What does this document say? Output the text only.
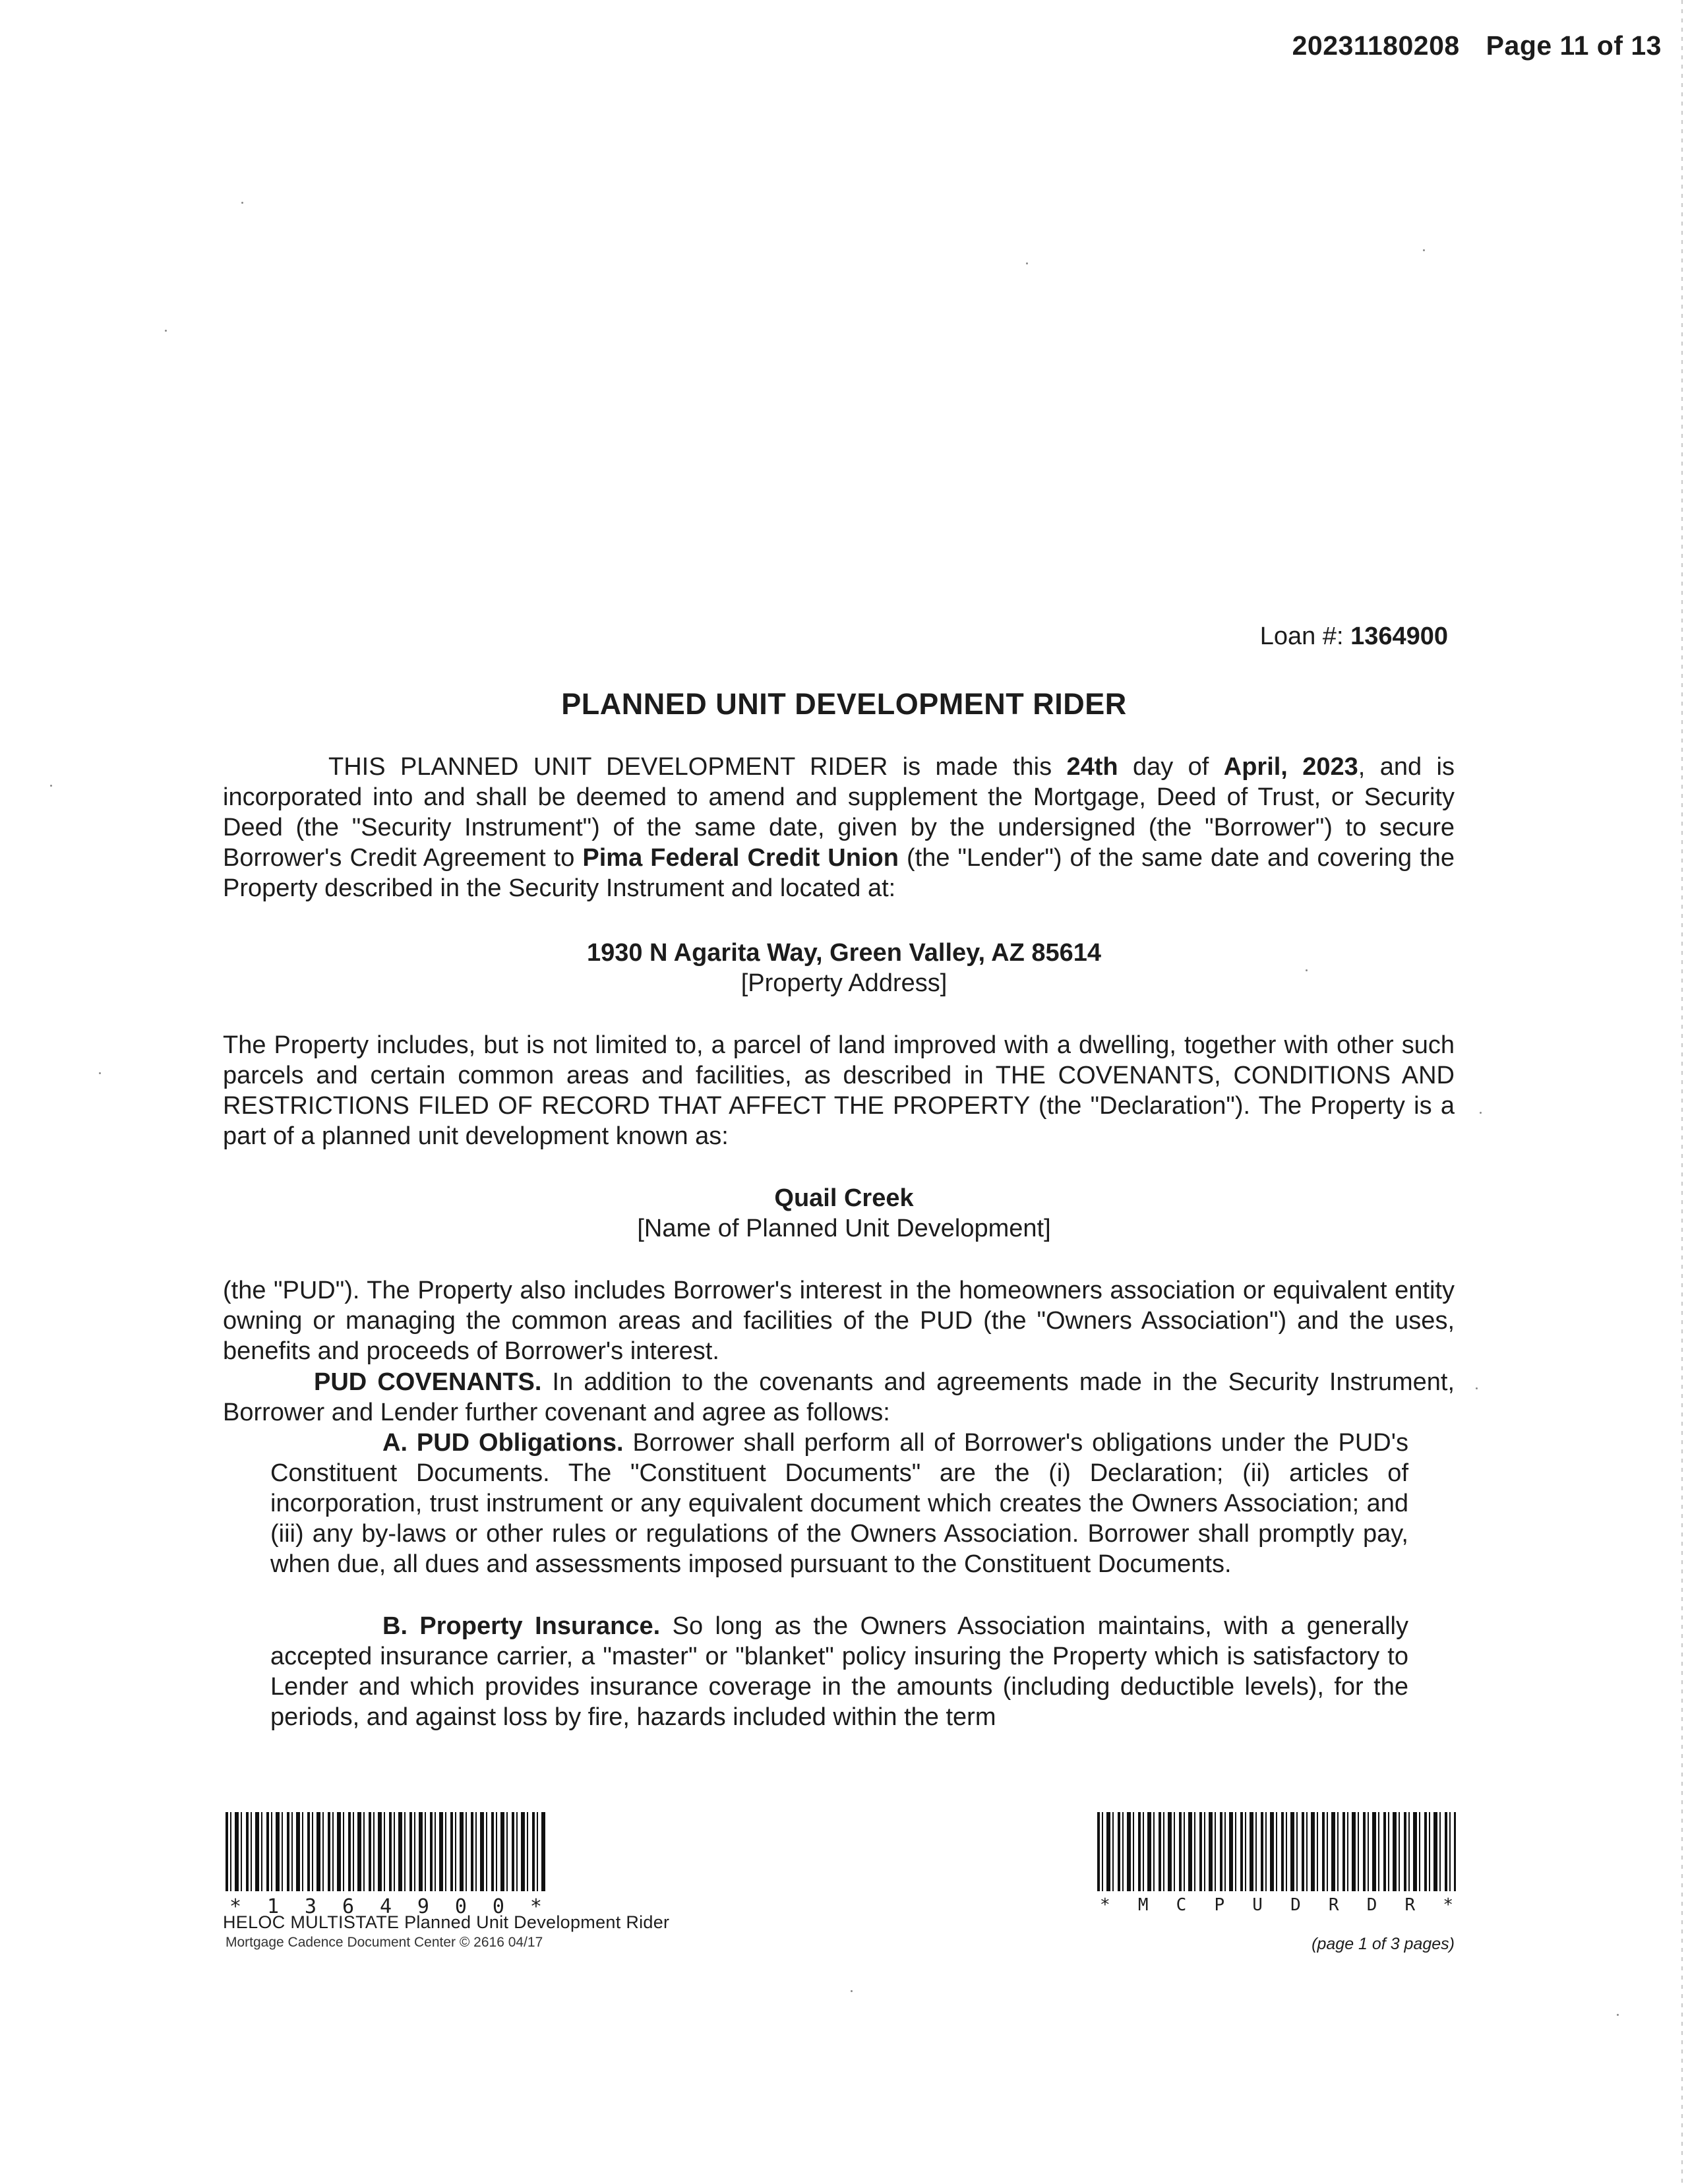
20231180208 Page 11 of 13
Loan #: 1364900
PLANNED UNIT DEVELOPMENT RIDER
THIS PLANNED UNIT DEVELOPMENT RIDER is made this 24th day of April, 2023, and is incorporated into and shall be deemed to amend and supplement the Mortgage, Deed of Trust, or Security Deed (the "Security Instrument") of the same date, given by the undersigned (the "Borrower") to secure Borrower's Credit Agreement to Pima Federal Credit Union (the "Lender") of the same date and covering the Property described in the Security Instrument and located at:
1930 N Agarita Way, Green Valley, AZ 85614
[Property Address]
The Property includes, but is not limited to, a parcel of land improved with a dwelling, together with other such parcels and certain common areas and facilities, as described in THE COVENANTS, CONDITIONS AND RESTRICTIONS FILED OF RECORD THAT AFFECT THE PROPERTY (the "Declaration"). The Property is a part of a planned unit development known as:
Quail Creek
[Name of Planned Unit Development]
(the "PUD"). The Property also includes Borrower's interest in the homeowners association or equivalent entity owning or managing the common areas and facilities of the PUD (the "Owners Association") and the uses, benefits and proceeds of Borrower's interest.
PUD COVENANTS. In addition to the covenants and agreements made in the Security Instrument, Borrower and Lender further covenant and agree as follows:
A. PUD Obligations. Borrower shall perform all of Borrower's obligations under the PUD's Constituent Documents. The "Constituent Documents" are the (i) Declaration; (ii) articles of incorporation, trust instrument or any equivalent document which creates the Owners Association; and (iii) any by-laws or other rules or regulations of the Owners Association. Borrower shall promptly pay, when due, all dues and assessments imposed pursuant to the Constituent Documents.
B. Property Insurance. So long as the Owners Association maintains, with a generally accepted insurance carrier, a "master" or "blanket" policy insuring the Property which is satisfactory to Lender and which provides insurance coverage in the amounts (including deductible levels), for the periods, and against loss by fire, hazards included within the term
* 1 3 6 4 9 0 0 *	* M C P U D R D R *
HELOC MULTISTATE Planned Unit Development Rider
Mortgage Cadence Document Center © 2616 04/17	(page 1 of 3 pages)
